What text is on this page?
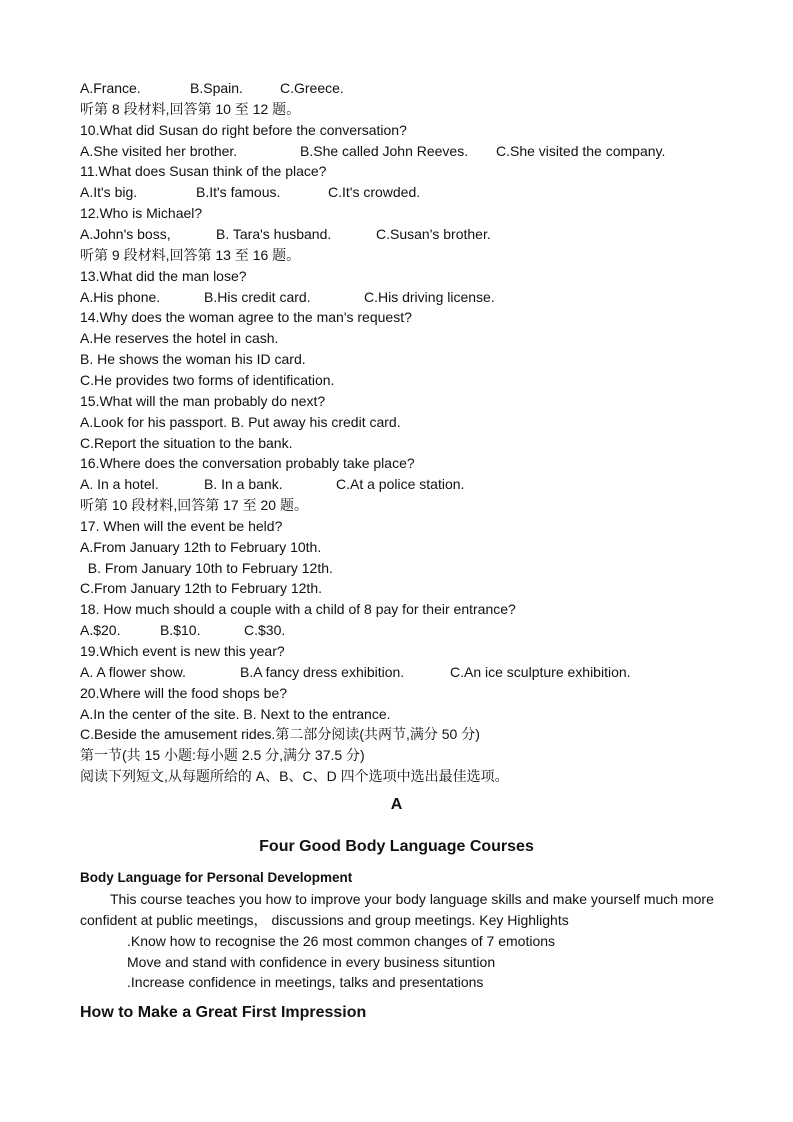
A.France.	B.Spain.	C.Greece.
听第 8 段材料,回答第 10 至 12 题。
10.What did Susan do right before the conversation?
A.She visited her brother.	B.She called John Reeves.	C.She visited the company.
11.What does Susan think of the place?
A.It's big.	B.It's famous.	C.It's crowded.
12.Who is Michael?
A.John's boss,	B. Tara's husband.	C.Susan's brother.
听第 9 段材料,回答第 13 至 16 题。
13.What did the man lose?
A.His phone.	B.His credit card.	C.His driving license.
14.Why does the woman agree to the man's request?
A.He reserves the hotel in cash.
B. He shows the woman his ID card.
C.He provides two forms of identification.
15.What will the man probably do next?
A.Look for his passport. B. Put away his credit card.
C.Report the situation to the bank.
16.Where does the conversation probably take place?
A. In a hotel.	B. In a bank.	C.At a police station.
听第 10 段材料,回答第 17 至 20 题。
17. When will the event be held?
A.From January 12th to February 10th.
B. From January 10th to February 12th.
C.From January 12th to February 12th.
18. How much should a couple with a child of 8 pay for their entrance?
A.$20.	B.$10.	C.$30.
19.Which event is new this year?
A. A flower show.	B.A fancy dress exhibition.	C.An ice sculpture exhibition.
20.Where will the food shops be?
A.In the center of the site. B. Next to the entrance.
C.Beside the amusement rides.第二部分阅读(共两节,满分 50 分)
第一节(共 15 小题:每小题 2.5 分,满分 37.5 分)
阅读下列短文,从每题所给的 A、B、C、D 四个选项中选出最佳选项。
A
Four Good Body Language Courses
Body Language for Personal Development
This course teaches you how to improve your body language skills and make yourself much more confident at public meetings， discussions and group meetings. Key Highlights
.Know how to recognise the 26 most common changes of 7 emotions
Move and stand with confidence in every business situntion
.Increase confidence in meetings, talks and presentations
How to Make a Great First Impression
